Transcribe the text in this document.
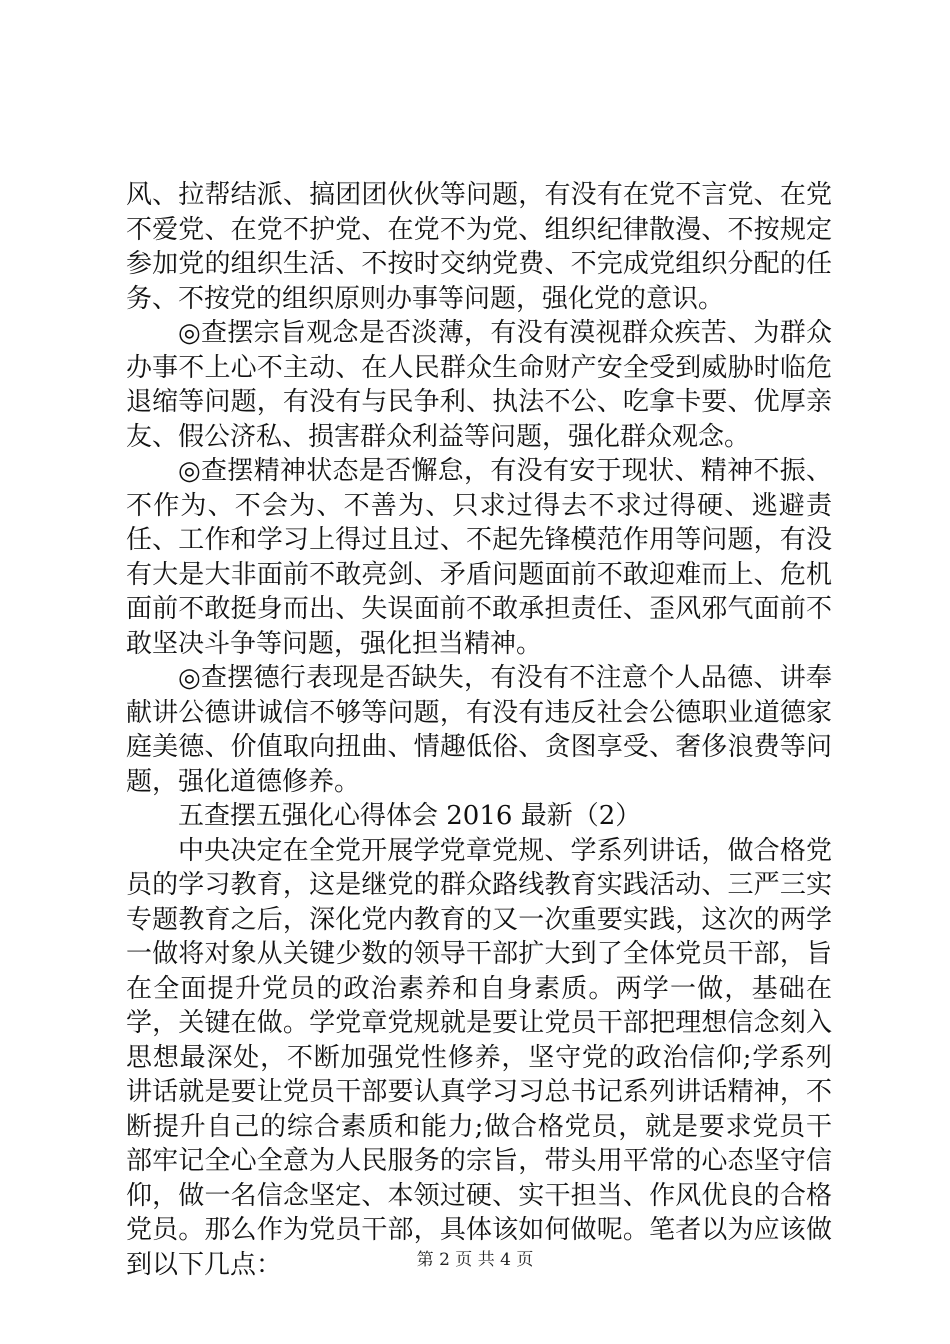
风、拉帮结派、搞团团伙伙等问题，有没有在党不言党、在党不爱党、在党不护党、在党不为党、组织纪律散漫、不按规定参加党的组织生活、不按时交纳党费、不完成党组织分配的任务、不按党的组织原则办事等问题，强化党的意识。

◎查摆宗旨观念是否淡薄，有没有漠视群众疾苦、为群众办事不上心不主动、在人民群众生命财产安全受到威胁时临危退缩等问题，有没有与民争利、执法不公、吃拿卡要、优厚亲友、假公济私、损害群众利益等问题，强化群众观念。

◎查摆精神状态是否懈怠，有没有安于现状、精神不振、不作为、不会为、不善为、只求过得去不求过得硬、逃避责任、工作和学习上得过且过、不起先锋模范作用等问题，有没有大是大非面前不敢亮剑、矛盾问题面前不敢迎难而上、危机面前不敢挺身而出、失误面前不敢承担责任、歪风邪气面前不敢坚决斗争等问题，强化担当精神。

◎查摆德行表现是否缺失，有没有不注意个人品德、讲奉献讲公德讲诚信不够等问题，有没有违反社会公德职业道德家庭美德、价值取向扭曲、情趣低俗、贪图享受、奢侈浪费等问题，强化道德修养。

五查摆五强化心得体会 2016 最新（2）

中央决定在全党开展学党章党规、学系列讲话，做合格党员的学习教育，这是继党的群众路线教育实践活动、三严三实专题教育之后，深化党内教育的又一次重要实践，这次的两学一做将对象从关键少数的领导干部扩大到了全体党员干部，旨在全面提升党员的政治素养和自身素质。两学一做，基础在学，关键在做。学党章党规就是要让党员干部把理想信念刻入思想最深处，不断加强党性修养，坚守党的政治信仰;学系列讲话就是要让党员干部要认真学习习总书记系列讲话精神，不断提升自己的综合素质和能力;做合格党员，就是要求党员干部牢记全心全意为人民服务的宗旨，带头用平常的心态坚守信仰，做一名信念坚定、本领过硬、实干担当、作风优良的合格党员。那么作为党员干部，具体该如何做呢。笔者以为应该做到以下几点：	第 2 页 共 4 页
